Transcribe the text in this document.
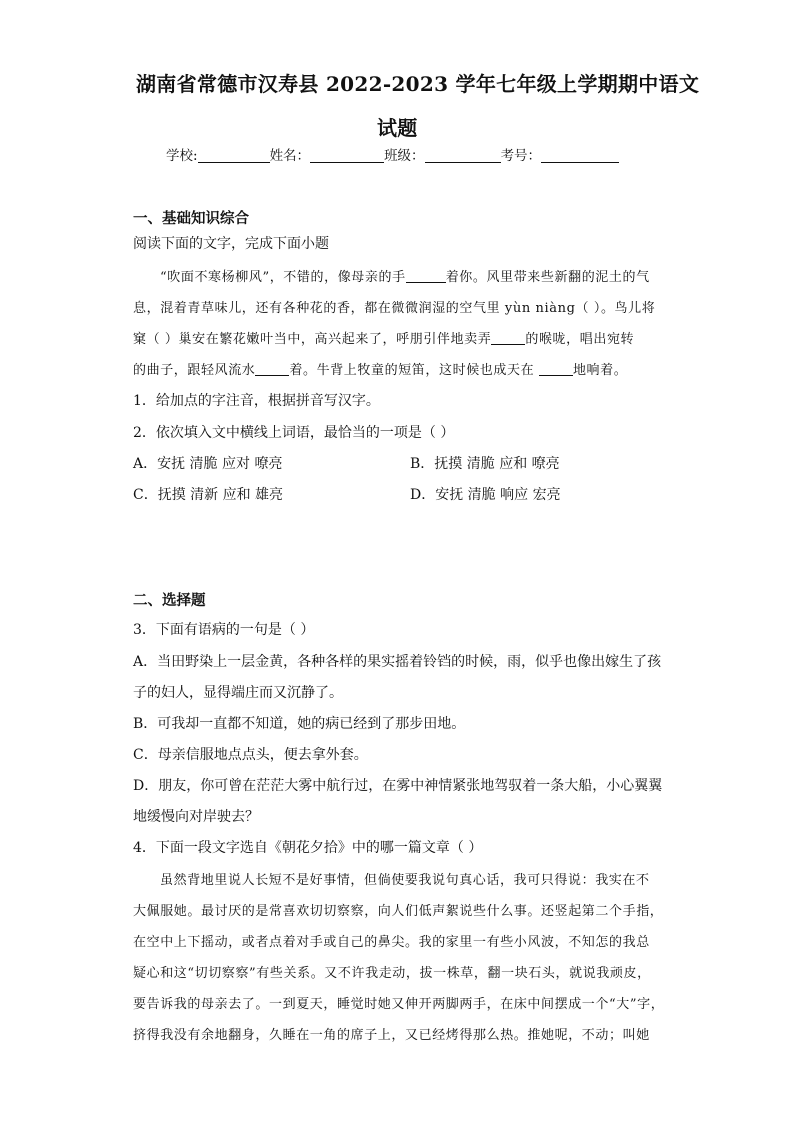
湖南省常德市汉寿县 2022-2023 学年七年级上学期期中语文
试题
学校:	姓名：	班级：	考号：
一、基础知识综合
阅读下面的文字，完成下面小题
“吹面不寒杨柳风”，不错的，像母亲的手	着你。风里带来些新翻的泥土的气
息，混着青草味儿，还有各种花的香，都在微微润湿的空气里 yùn niàng（ ）。鸟儿将
窠（ ）巢安在繁花嫩叶当中，高兴起来了，呼朋引伴地卖弄	的喉咙，唱出宛转
的曲子，跟轻风流水	着。牛背上牧童的短笛，这时候也成天在	地响着。
1．给加点的字注音，根据拼音写汉字。
2．依次填入文中横线上词语，最恰当的一项是（ ）
A．安抚 清脆 应对 嘹亮	B．抚摸 清脆 应和 嘹亮
C．抚摸 清新 应和 雄亮	D．安抚 清脆 响应 宏亮
二、选择题
3．下面有语病的一句是（ ）
A．当田野染上一层金黄，各种各样的果实摇着铃铛的时候，雨，似乎也像出嫁生了孩
子的妇人，显得端庄而又沉静了。
B．可我却一直都不知道，她的病已经到了那步田地。
C．母亲信服地点点头，便去拿外套。
D．朋友，你可曾在茫茫大雾中航行过，在雾中神情紧张地驾驭着一条大船，小心翼翼
地缓慢向对岸驶去？
4．下面一段文字选自《朝花夕拾》中的哪一篇文章（ ）
虽然背地里说人长短不是好事情，但倘使要我说句真心话，我可只得说：我实在不
大佩服她。最讨厌的是常喜欢切切察察，向人们低声絮说些什么事。还竖起第二个手指，
在空中上下摇动，或者点着对手或自己的鼻尖。我的家里一有些小风波，不知怎的我总
疑心和这“切切察察”有些关系。又不许我走动，拔一株草，翻一块石头，就说我顽皮，
要告诉我的母亲去了。一到夏天，睡觉时她又伸开两脚两手，在床中间摆成一个“大”字，
挤得我没有余地翻身，久睡在一角的席子上，又已经烤得那么热。推她呢，不动；叫她
